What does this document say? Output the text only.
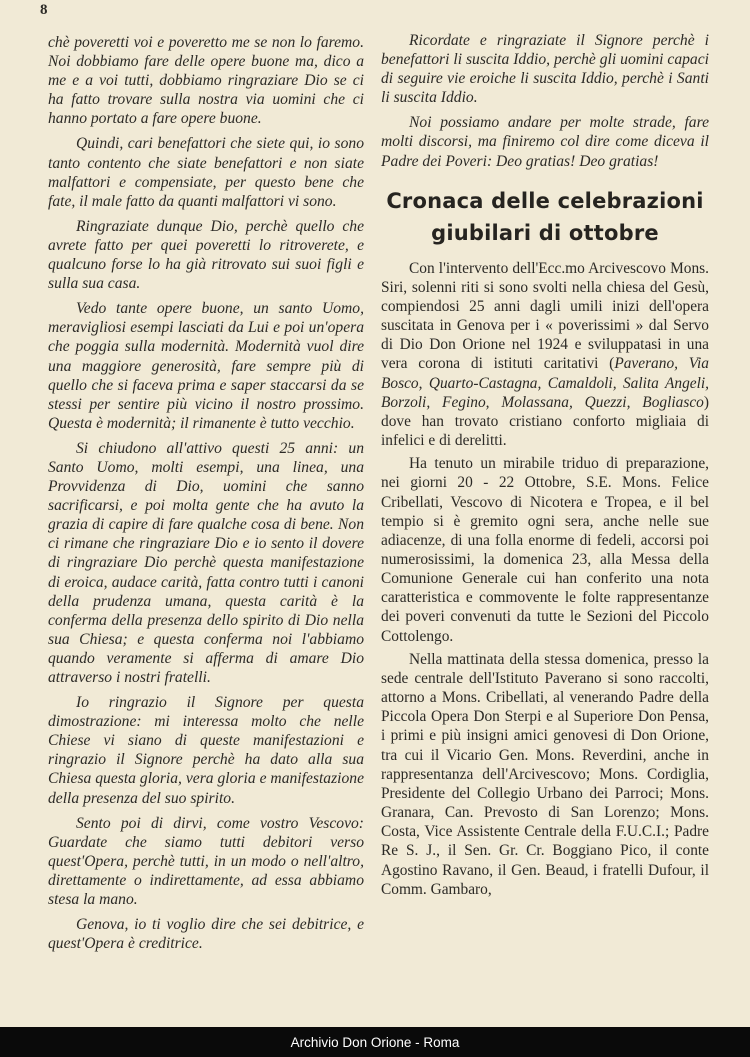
8

chè poveretti voi e poveretto me se non lo faremo. Noi dobbiamo fare delle opere buone ma, dico a me e a voi tutti, dobbiamo ringraziare Dio se ci ha fatto trovare sulla nostra via uomini che ci hanno portato a fare opere buone.

Quindi, cari benefattori che siete qui, io sono tanto contento che siate benefattori e non siate malfattori e compensiate, per questo bene che fate, il male fatto da quanti malfattori vi sono.

Ringraziate dunque Dio, perchè quello che avrete fatto per quei poveretti lo ritroverete, e qualcuno forse lo ha già ritrovato sui suoi figli e sulla sua casa.

Vedo tante opere buone, un santo Uomo, meravigliosi esempi lasciati da Lui e poi un'opera che poggia sulla modernità. Modernità vuol dire una maggiore generosità, fare sempre più di quello che si faceva prima e saper staccarsi da se stessi per sentire più vicino il nostro prossimo. Questa è modernità; il rimanente è tutto vecchio.

Si chiudono all'attivo questi 25 anni: un Santo Uomo, molti esempi, una linea, una Provvidenza di Dio, uomini che sanno sacrificarsi, e poi molta gente che ha avuto la grazia di capire di fare qualche cosa di bene. Non ci rimane che ringraziare Dio e io sento il dovere di ringraziare Dio perchè questa manifestazione di eroica, audace carità, fatta contro tutti i canoni della prudenza umana, questa carità è la conferma della presenza dello spirito di Dio nella sua Chiesa; e questa conferma noi l'abbiamo quando veramente si afferma di amare Dio attraverso i nostri fratelli.

Io ringrazio il Signore per questa dimostrazione: mi interessa molto che nelle Chiese vi siano di queste manifestazioni e ringrazio il Signore perchè ha dato alla sua Chiesa questa gloria, vera gloria e manifestazione della presenza del suo spirito.

Sento poi di dirvi, come vostro Vescovo: Guardate che siamo tutti debitori verso quest'Opera, perchè tutti, in un modo o nell'altro, direttamente o indirettamente, ad essa abbiamo stesa la mano.

Genova, io ti voglio dire che sei debitrice, e quest'Opera è creditrice.

Ricordate e ringraziate il Signore perchè i benefattori li suscita Iddio, perchè gli uomini capaci di seguire vie eroiche li suscita Iddio, perchè i Santi li suscita Iddio.

Noi possiamo andare per molte strade, fare molti discorsi, ma finiremo col dire come diceva il Padre dei Poveri: Deo gratias! Deo gratias!

Cronaca delle celebrazioni giubilari di ottobre

Con l'intervento dell'Ecc.mo Arcivescovo Mons. Siri, solenni riti si sono svolti nella chiesa del Gesù, compiendosi 25 anni dagli umili inizi dell'opera suscitata in Genova per i « poverissimi » dal Servo di Dio Don Orione nel 1924 e sviluppatasi in una vera corona di istituti caritativi (Paverano, Via Bosco, Quarto-Castagna, Camaldoli, Salita Angeli, Borzoli, Fegino, Molassana, Quezzi, Bogliasco) dove han trovato cristiano conforto migliaia di infelici e di derelitti.

Ha tenuto un mirabile triduo di preparazione, nei giorni 20 - 22 Ottobre, S.E. Mons. Felice Cribellati, Vescovo di Nicotera e Tropea, e il bel tempio si è gremito ogni sera, anche nelle sue adiacenze, di una folla enorme di fedeli, accorsi poi numerosissimi, la domenica 23, alla Messa della Comunione Generale cui han conferito una nota caratteristica e commovente le folte rappresentanze dei poveri convenuti da tutte le Sezioni del Piccolo Cottolengo.

Nella mattinata della stessa domenica, presso la sede centrale dell'Istituto Paverano si sono raccolti, attorno a Mons. Cribellati, al venerando Padre della Piccola Opera Don Sterpi e al Superiore Don Pensa, i primi e più insigni amici genovesi di Don Orione, tra cui il Vicario Gen. Mons. Reverdini, anche in rappresentanza dell'Arcivescovo; Mons. Cordiglia, Presidente del Collegio Urbano dei Parroci; Mons. Granara, Can. Prevosto di San Lorenzo; Mons. Costa, Vice Assistente Centrale della F.U.C.I.; Padre Re S. J., il Sen. Gr. Cr. Boggiano Pico, il conte Agostino Ravano, il Gen. Beaud, i fratelli Dufour, il Comm. Gambaro,

Archivio Don Orione - Roma
